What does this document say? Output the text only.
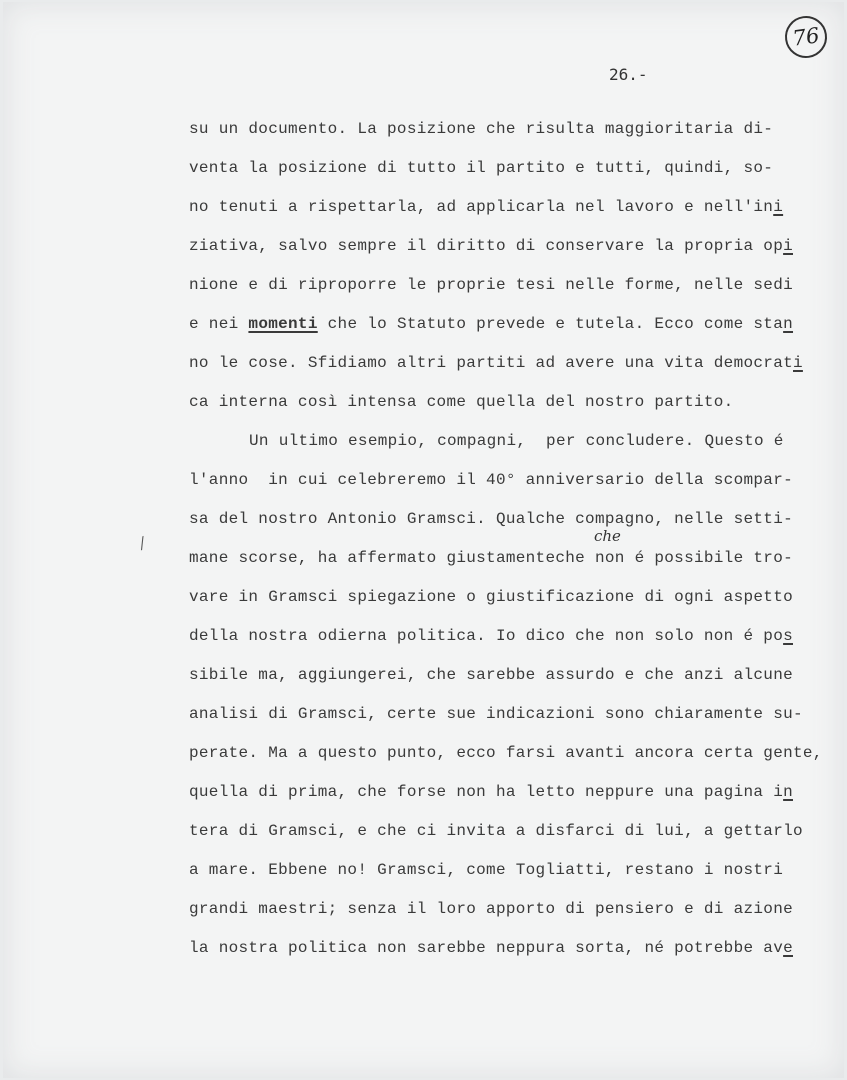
76
26.-
⁄	che
su un documento. La posizione che risulta maggioritaria di-
venta la posizione di tutto il partito e tutti, quindi, so-
no tenuti a rispettarla, ad applicarla nel lavoro e nell'ini
ziativa, salvo sempre il diritto di conservare la propria opi
nione e di riproporre le proprie tesi nelle forme, nelle sedi
e nei momenti che lo Statuto prevede e tutela. Ecco come stan
no le cose. Sfidiamo altri partiti ad avere una vita democrati
ca interna così intensa come quella del nostro partito.
Un ultimo esempio, compagni,  per concludere. Questo é
l'anno  in cui celebreremo il 40° anniversario della scompar-
sa del nostro Antonio Gramsci. Qualche compagno, nelle setti-
mane scorse, ha affermato giustamenteche non é possibile tro-
vare in Gramsci spiegazione o giustificazione di ogni aspetto
della nostra odierna politica. Io dico che non solo non é pos
sibile ma, aggiungerei, che sarebbe assurdo e che anzi alcune
analisi di Gramsci, certe sue indicazioni sono chiaramente su-
perate. Ma a questo punto, ecco farsi avanti ancora certa gente,
quella di prima, che forse non ha letto neppure una pagina in
tera di Gramsci, e che ci invita a disfarci di lui, a gettarlo
a mare. Ebbene no! Gramsci, come Togliatti, restano i nostri
grandi maestri; senza il loro apporto di pensiero e di azione
la nostra politica non sarebbe neppura sorta, né potrebbe ave
